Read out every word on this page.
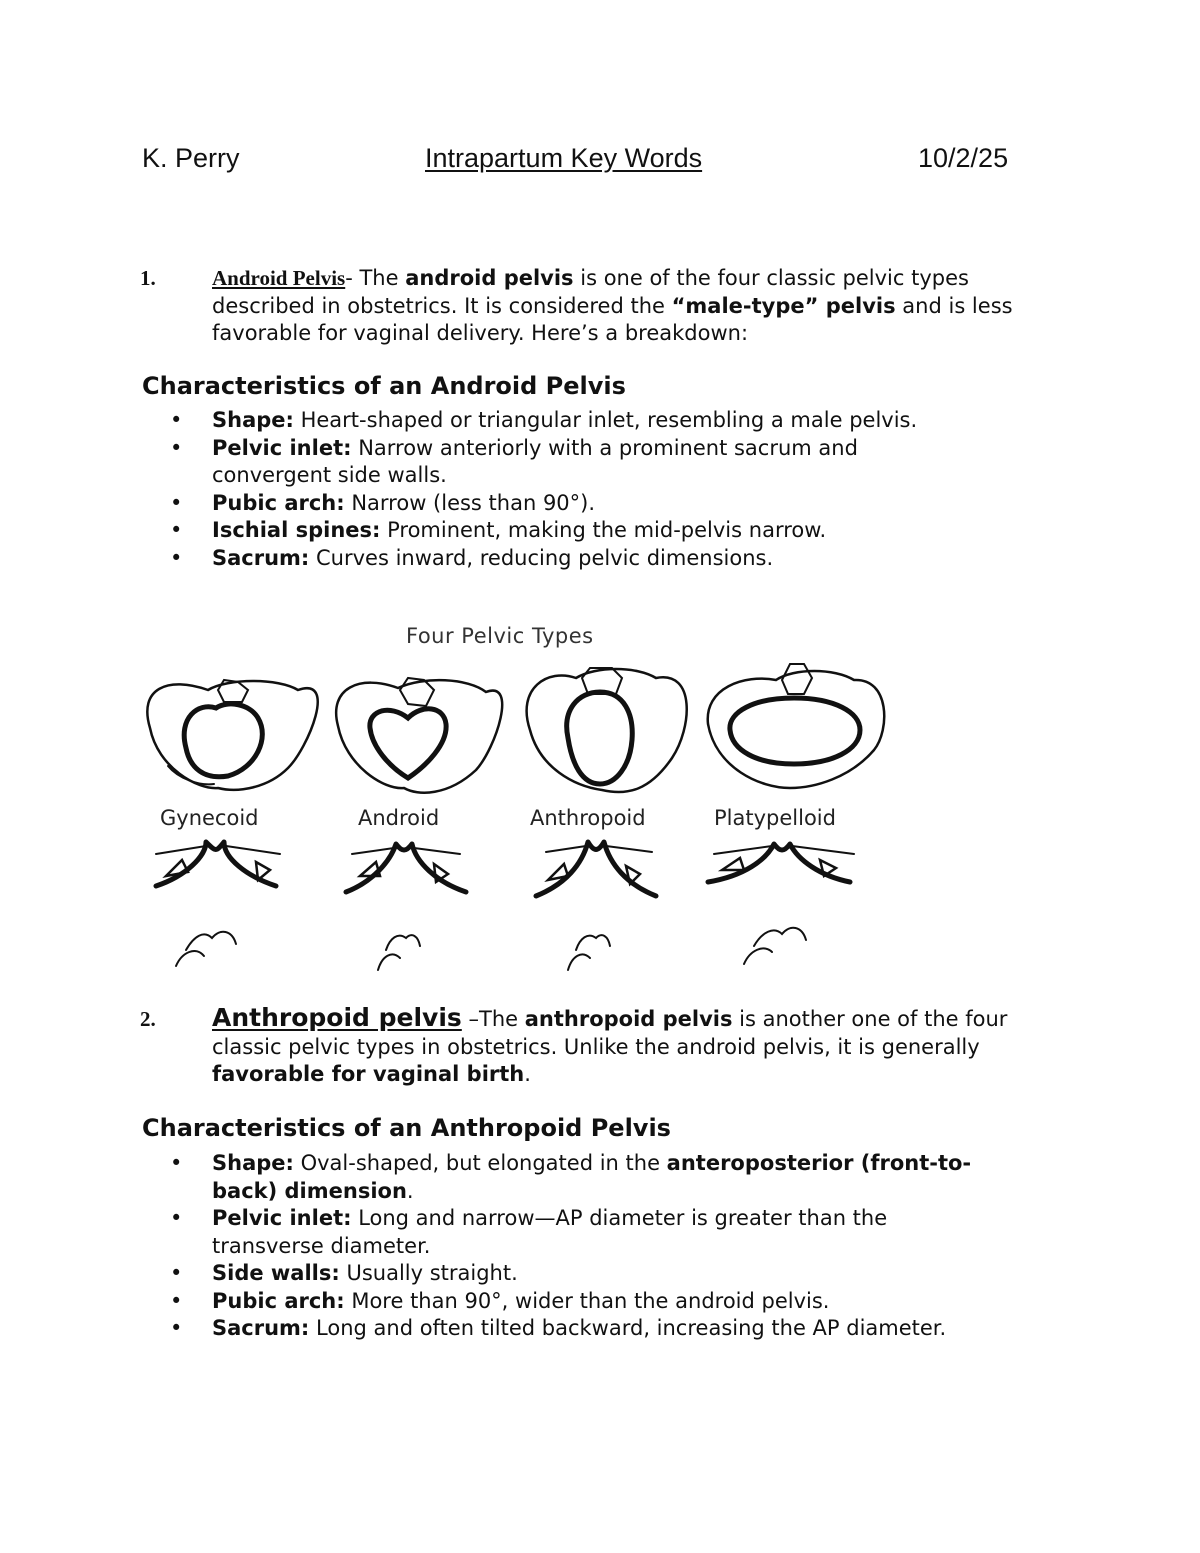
K. Perry	Intrapartum Key Words	10/2/25
1.	Android Pelvis- The android pelvis is one of the four classic pelvic types described in obstetrics. It is considered the “male-type” pelvis and is less favorable for vaginal delivery. Here’s a breakdown:
Characteristics of an Android Pelvis
• Shape: Heart-shaped or triangular inlet, resembling a male pelvis.
• Pelvic inlet: Narrow anteriorly with a prominent sacrum and convergent side walls.
• Pubic arch: Narrow (less than 90°).
• Ischial spines: Prominent, making the mid-pelvis narrow.
• Sacrum: Curves inward, reducing pelvic dimensions.
Four Pelvic Types
Gynecoid	Android	Anthropoid	Platypelloid
2. Anthropoid pelvis –The anthropoid pelvis is another one of the four classic pelvic types in obstetrics. Unlike the android pelvis, it is generally favorable for vaginal birth.
Characteristics of an Anthropoid Pelvis
• Shape: Oval-shaped, but elongated in the anteroposterior (front-to-back) dimension.
• Pelvic inlet: Long and narrow—AP diameter is greater than the transverse diameter.
• Side walls: Usually straight.
• Pubic arch: More than 90°, wider than the android pelvis.
• Sacrum: Long and often tilted backward, increasing the AP diameter.
